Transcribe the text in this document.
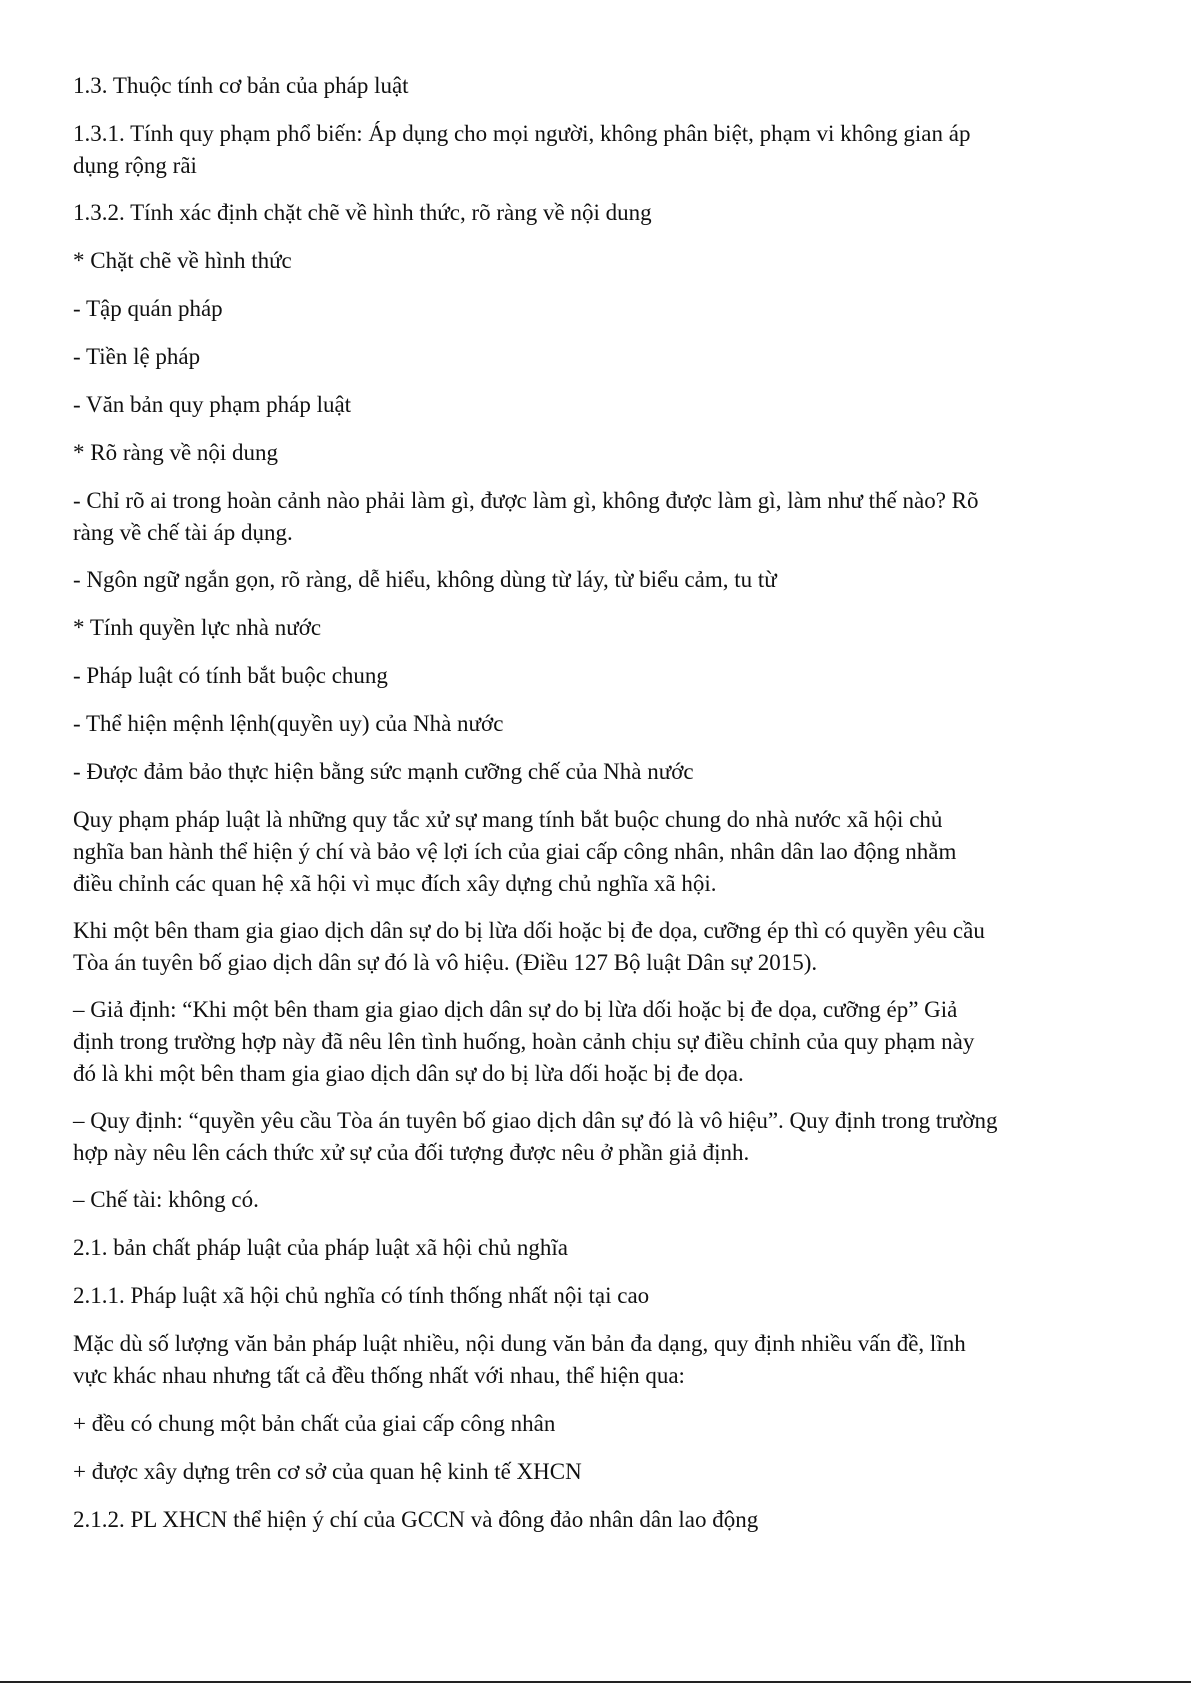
1.3. Thuộc tính cơ bản của pháp luật

1.3.1. Tính quy phạm phổ biến: Áp dụng cho mọi người, không phân biệt, phạm vi không gian áp
dụng rộng rãi

1.3.2. Tính xác định chặt chẽ về hình thức, rõ ràng về nội dung

* Chặt chẽ về hình thức

- Tập quán pháp

- Tiền lệ pháp

- Văn bản quy phạm pháp luật

* Rõ ràng về nội dung

- Chỉ rõ ai trong hoàn cảnh nào phải làm gì, được làm gì, không được làm gì, làm như thế nào? Rõ
ràng về chế tài áp dụng.

- Ngôn ngữ ngắn gọn, rõ ràng, dễ hiểu, không dùng từ láy, từ biểu cảm, tu từ

* Tính quyền lực nhà nước

- Pháp luật có tính bắt buộc chung

- Thể hiện mệnh lệnh(quyền uy) của Nhà nước

- Được đảm bảo thực hiện bằng sức mạnh cưỡng chế của Nhà nước

Quy phạm pháp luật là những quy tắc xử sự mang tính bắt buộc chung do nhà nước xã hội chủ
nghĩa ban hành thể hiện ý chí và bảo vệ lợi ích của giai cấp công nhân, nhân dân lao động nhằm
điều chỉnh các quan hệ xã hội vì mục đích xây dựng chủ nghĩa xã hội.

Khi một bên tham gia giao dịch dân sự do bị lừa dối hoặc bị đe dọa, cưỡng ép thì có quyền yêu cầu
Tòa án tuyên bố giao dịch dân sự đó là vô hiệu. (Điều 127 Bộ luật Dân sự 2015).

– Giả định: “Khi một bên tham gia giao dịch dân sự do bị lừa dối hoặc bị đe dọa, cưỡng ép” Giả
định trong trường hợp này đã nêu lên tình huống, hoàn cảnh chịu sự điều chỉnh của quy phạm này
đó là khi một bên tham gia giao dịch dân sự do bị lừa dối hoặc bị đe dọa.

– Quy định: “quyền yêu cầu Tòa án tuyên bố giao dịch dân sự đó là vô hiệu”. Quy định trong trường
hợp này nêu lên cách thức xử sự của đối tượng được nêu ở phần giả định.

– Chế tài: không có.

2.1. bản chất pháp luật của pháp luật xã hội chủ nghĩa

2.1.1. Pháp luật xã hội chủ nghĩa có tính thống nhất nội tại cao

Mặc dù số lượng văn bản pháp luật nhiều, nội dung văn bản đa dạng, quy định nhiều vấn đề, lĩnh
vực khác nhau nhưng tất cả đều thống nhất với nhau, thể hiện qua:

+ đều có chung một bản chất của giai cấp công nhân

+ được xây dựng trên cơ sở của quan hệ kinh tế XHCN

2.1.2. PL XHCN thể hiện ý chí của GCCN và đông đảo nhân dân lao động
